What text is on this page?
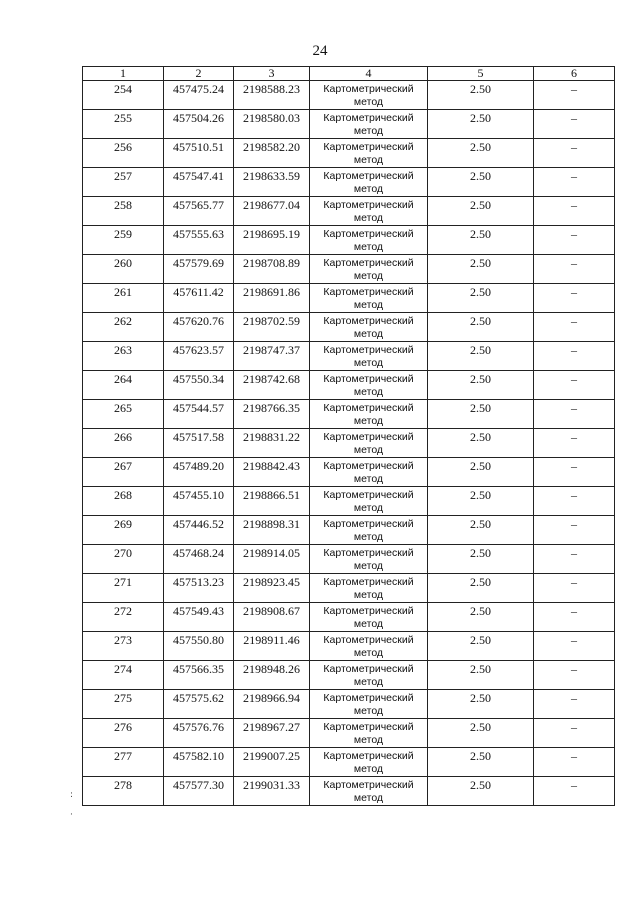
24
1	2	3	4	5	6
254	457475.24	2198588.23	Картометрический метод	2.50	–
255	457504.26	2198580.03	Картометрический метод	2.50	–
256	457510.51	2198582.20	Картометрический метод	2.50	–
257	457547.41	2198633.59	Картометрический метод	2.50	–
258	457565.77	2198677.04	Картометрический метод	2.50	–
259	457555.63	2198695.19	Картометрический метод	2.50	–
260	457579.69	2198708.89	Картометрический метод	2.50	–
261	457611.42	2198691.86	Картометрический метод	2.50	–
262	457620.76	2198702.59	Картометрический метод	2.50	–
263	457623.57	2198747.37	Картометрический метод	2.50	–
264	457550.34	2198742.68	Картометрический метод	2.50	–
265	457544.57	2198766.35	Картометрический метод	2.50	–
266	457517.58	2198831.22	Картометрический метод	2.50	–
267	457489.20	2198842.43	Картометрический метод	2.50	–
268	457455.10	2198866.51	Картометрический метод	2.50	–
269	457446.52	2198898.31	Картометрический метод	2.50	–
270	457468.24	2198914.05	Картометрический метод	2.50	–
271	457513.23	2198923.45	Картометрический метод	2.50	–
272	457549.43	2198908.67	Картометрический метод	2.50	–
273	457550.80	2198911.46	Картометрический метод	2.50	–
274	457566.35	2198948.26	Картометрический метод	2.50	–
275	457575.62	2198966.94	Картометрический метод	2.50	–
276	457576.76	2198967.27	Картометрический метод	2.50	–
277	457582.10	2199007.25	Картометрический метод	2.50	–
278	457577.30	2199031.33	Картометрический метод	2.50	–
:
·
